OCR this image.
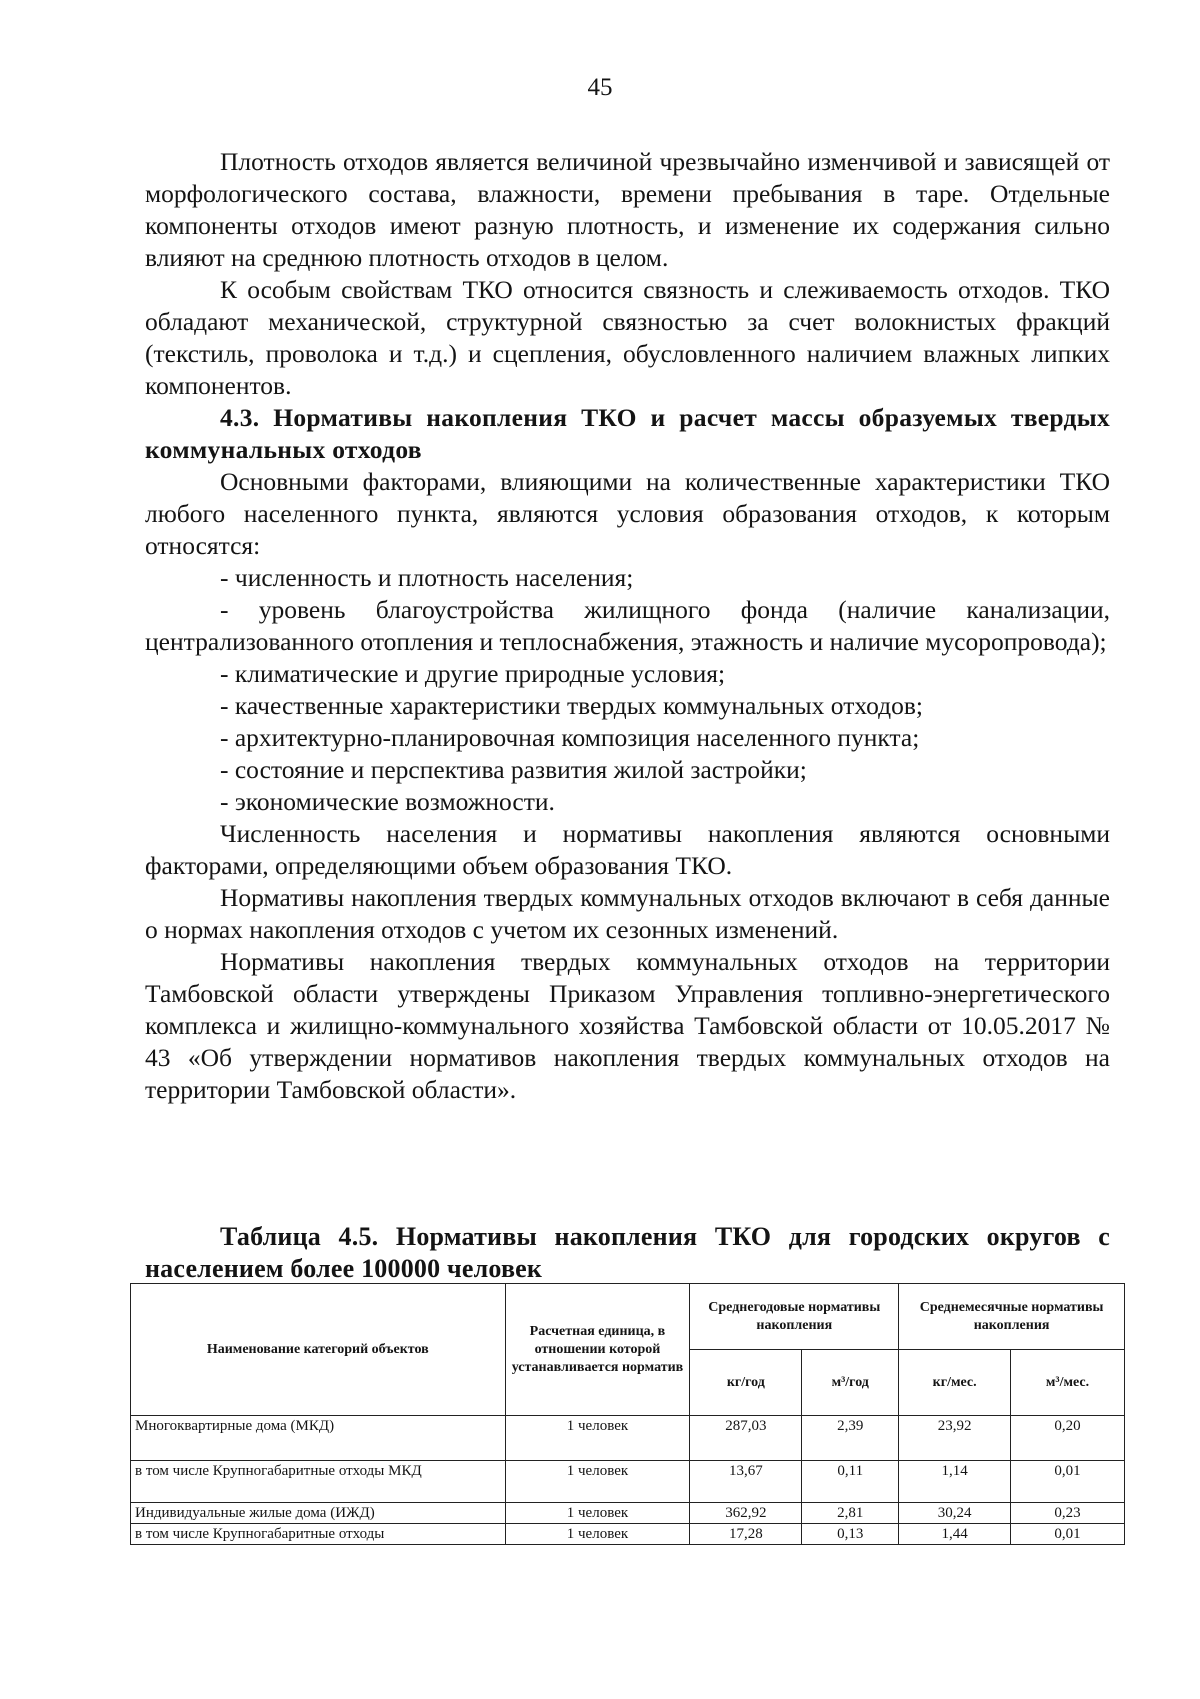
45

Плотность отходов является величиной чрезвычайно изменчивой и зависящей от морфологического состава, влажности, времени пребывания в таре. Отдельные компоненты отходов имеют разную плотность, и изменение их содержания сильно влияют на среднюю плотность отходов в целом.

К особым свойствам ТКО относится связность и слеживаемость отходов. ТКО обладают механической, структурной связностью за счет волокнистых фракций (текстиль, проволока и т.д.) и сцепления, обусловленного наличием влажных липких компонентов.

4.3. Нормативы накопления ТКО и расчет массы образуемых твердых коммунальных отходов

Основными факторами, влияющими на количественные характеристики ТКО любого населенного пункта, являются условия образования отходов, к которым относятся:

- численность и плотность населения;

- уровень благоустройства жилищного фонда (наличие канализации, централизованного отопления и теплоснабжения, этажность и наличие мусоропровода);

- климатические и другие природные условия;

- качественные характеристики твердых коммунальных отходов;

- архитектурно-планировочная композиция населенного пункта;

- состояние и перспектива развития жилой застройки;

- экономические возможности.

Численность населения и нормативы накопления являются основными факторами, определяющими объем образования ТКО.

Нормативы накопления твердых коммунальных отходов включают в себя данные о нормах накопления отходов с учетом их сезонных изменений.

Нормативы накопления твердых коммунальных отходов на территории Тамбовской области утверждены Приказом Управления топливно-энергетического комплекса и жилищно-коммунального хозяйства Тамбовской области от 10.05.2017 № 43 «Об утверждении нормативов накопления твердых коммунальных отходов на территории Тамбовской области».

Таблица 4.5. Нормативы накопления ТКО для городских округов с населением более 100000 человек
Наименование категорий объектов	Расчетная единица, в отношении которой устанавливается норматив	Среднегодовые нормативы накопления		Среднемесячные нормативы накопления	
		кг/год	м³/год	кг/мес.	м³/мес.
Многоквартирные дома (МКД)	1 человек	287,03	2,39	23,92	0,20
в том числе Крупногабаритные отходы МКД	1 человек	13,67	0,11	1,14	0,01
Индивидуальные жилые дома (ИЖД)	1 человек	362,92	2,81	30,24	0,23
в том числе Крупногабаритные отходы	1 человек	17,28	0,13	1,44	0,01
